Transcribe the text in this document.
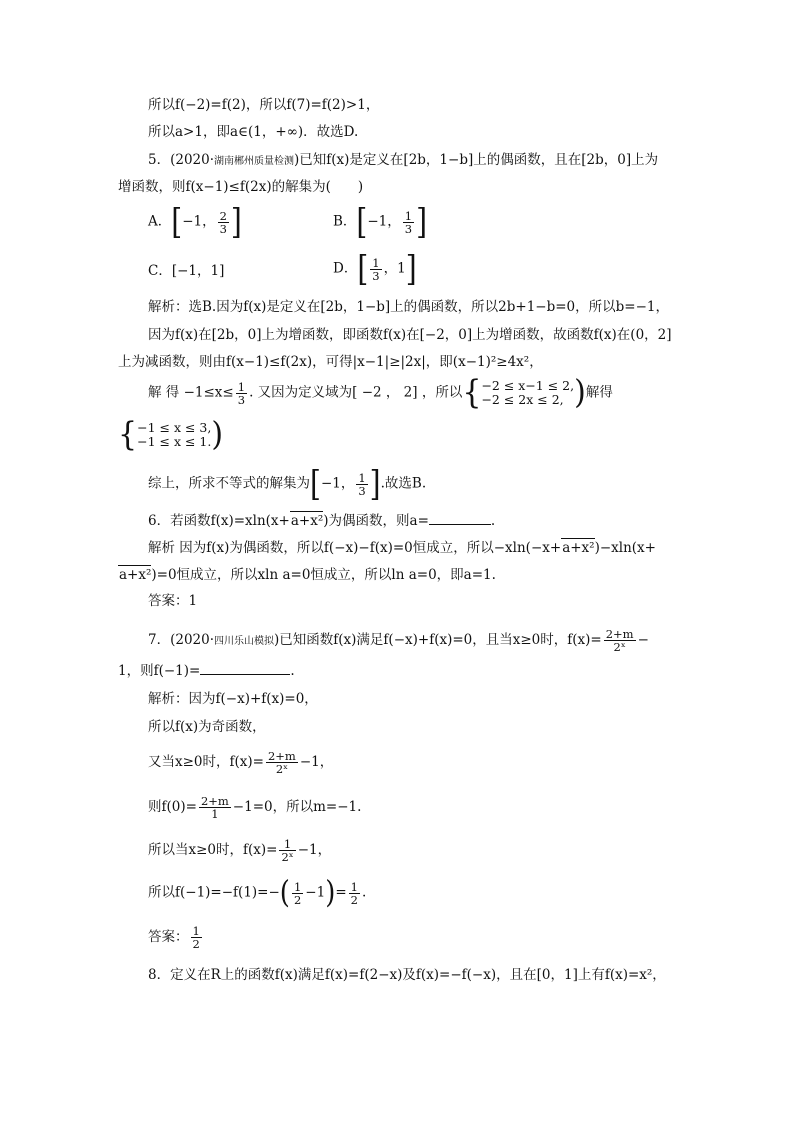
所以f(−2)=f(2)，所以f(7)=f(2)>1，
所以a>1，即a∈(1，+∞)．故选D.
5．(2020·湖南郴州质量检测)已知f(x)是定义在[2b，1−b]上的偶函数，且在[2b，0]上为
增函数，则f(x−1)≤f(2x)的解集为(　　)
A．[−1， $\frac{2}{3}$ ]	B．[−1， $\frac{1}{3}$ ]
C．[−1，1]	D．[ $\frac{1}{3}$ ，1]
解析：选B.因为f(x)是定义在[2b，1−b]上的偶函数，所以2b+1−b=0，所以b=−1，
因为f(x)在[2b，0]上为增函数，即函数f(x)在[−2，0]上为增函数，故函数f(x)在(0，2]
上为减函数，则由f(x−1)≤f(2x)，可得|x−1|≥|2x|，即(x−1)²≥4x²，
解 得 $-1\le x\le \frac{1}{3}$ . 又因为定义域为[ −2 ， 2] ，所以{ −2 ≤ x−1 ≤ 2,
−2 ≤ 2x ≤ 2, )解得
{ −1 ≤ x ≤ 3,
−1 ≤ x ≤ 1. )
综上，所求不等式的解集为[−1， $\frac{1}{3}$ ].故选B.
6．若函数f(x)=xln(x+a+x²)为偶函数，则a=	.
解析 因为f(x)为偶函数，所以f(−x)−f(x)=0恒成立，所以−xln(−x+a+x²)−xln(x+
a+x²)=0恒成立，所以xln a=0恒成立，所以ln a=0，即a=1.
答案：1
7．(2020·四川乐山模拟)已知函数f(x)满足f(−x)+f(x)=0，且当x≥0时，$f(x)= \frac{2+m}{\text{2ˣ}}$ −
1，则f(−1)=	.
解析：因为f(−x)+f(x)=0，
所以f(x)为奇函数，
又当x≥0时，$f(x)= \frac{2+m}{\text{2ˣ}} -1$，
则$f(0)= \frac{2+m}{1} -1=0$，所以m=−1.
所以当x≥0时，$f(x)= \frac{1}{\text{2ˣ}} -1$，
所以$f(-1)=-f(1)=-( \frac{1}{2} -1)= \frac{1}{2}$ .
答案： $\frac{1}{2}$
8．定义在R上的函数f(x)满足f(x)=f(2−x)及f(x)=−f(−x)，且在[0，1]上有f(x)=x²，
